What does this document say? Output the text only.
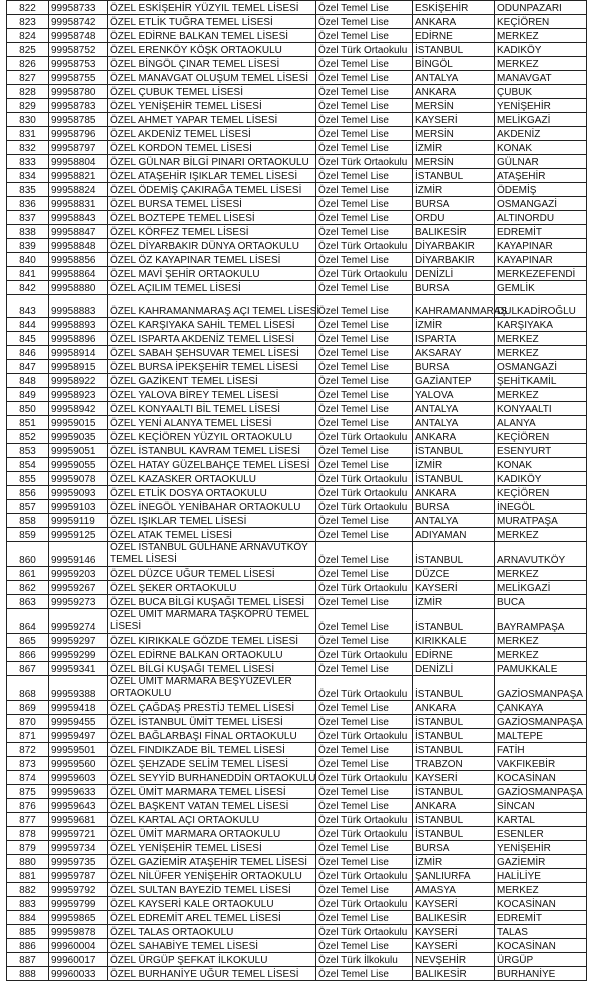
822	99958733	ÖZEL ESKİŞEHİR YÜZYIL TEMEL LİSESİ	Özel Temel Lise	ESKİŞEHİR	ODUNPAZARI
823	99958742	ÖZEL ETLİK TUĞRA TEMEL LİSESİ	Özel Temel Lise	ANKARA	KEÇİÖREN
824	99958748	ÖZEL EDİRNE BALKAN TEMEL LİSESİ	Özel Temel Lise	EDİRNE	MERKEZ
825	99958752	ÖZEL ERENKÖY KÖŞK ORTAOKULU	Özel Türk Ortaokulu	İSTANBUL	KADIKÖY
826	99958753	ÖZEL BİNGÖL ÇINAR TEMEL LİSESİ	Özel Temel Lise	BİNGÖL	MERKEZ
827	99958755	ÖZEL MANAVGAT OLUŞUM TEMEL LİSESİ	Özel Temel Lise	ANTALYA	MANAVGAT
828	99958780	ÖZEL ÇUBUK TEMEL LİSESİ	Özel Temel Lise	ANKARA	ÇUBUK
829	99958783	ÖZEL YENİŞEHİR TEMEL LİSESİ	Özel Temel Lise	MERSİN	YENİŞEHİR
830	99958785	ÖZEL AHMET YAPAR TEMEL LİSESİ	Özel Temel Lise	KAYSERİ	MELİKGAZİ
831	99958796	ÖZEL AKDENİZ TEMEL LİSESİ	Özel Temel Lise	MERSİN	AKDENİZ
832	99958797	ÖZEL KORDON TEMEL LİSESİ	Özel Temel Lise	İZMİR	KONAK
833	99958804	ÖZEL GÜLNAR BİLGİ PINARI ORTAOKULU	Özel Türk Ortaokulu	MERSİN	GÜLNAR
834	99958821	ÖZEL ATAŞEHİR IŞIKLAR TEMEL LİSESİ	Özel Temel Lise	İSTANBUL	ATAŞEHİR
835	99958824	ÖZEL ÖDEMİŞ ÇAKIRAĞA TEMEL LİSESİ	Özel Temel Lise	İZMİR	ÖDEMİŞ
836	99958831	ÖZEL BURSA TEMEL LİSESİ	Özel Temel Lise	BURSA	OSMANGAZİ
837	99958843	ÖZEL BOZTEPE TEMEL LİSESİ	Özel Temel Lise	ORDU	ALTINORDU
838	99958847	ÖZEL KÖRFEZ TEMEL LİSESİ	Özel Temel Lise	BALIKESİR	EDREMİT
839	99958848	ÖZEL DİYARBAKIR DÜNYA ORTAOKULU	Özel Türk Ortaokulu	DİYARBAKIR	KAYAPINAR
840	99958856	ÖZEL ÖZ KAYAPINAR TEMEL LİSESİ	Özel Temel Lise	DİYARBAKIR	KAYAPINAR
841	99958864	ÖZEL MAVİ ŞEHİR ORTAOKULU	Özel Türk Ortaokulu	DENİZLİ	MERKEZEFENDİ
842	99958880	ÖZEL AÇILIM TEMEL LİSESİ	Özel Temel Lise	BURSA	GEMLİK
843	99958883	ÖZEL KAHRAMANMARAŞ AÇI TEMEL LİSESİ	Özel Temel Lise	KAHRAMANMARAŞ	DULKADİROĞLU
844	99958893	ÖZEL KARŞIYAKA SAHİL TEMEL LİSESİ	Özel Temel Lise	İZMİR	KARŞIYAKA
845	99958896	ÖZEL ISPARTA AKDENİZ TEMEL LİSESİ	Özel Temel Lise	ISPARTA	MERKEZ
846	99958914	ÖZEL SABAH ŞEHSUVAR TEMEL LİSESİ	Özel Temel Lise	AKSARAY	MERKEZ
847	99958915	ÖZEL BURSA İPEKŞEHİR TEMEL LİSESİ	Özel Temel Lise	BURSA	OSMANGAZİ
848	99958922	ÖZEL GAZİKENT TEMEL LİSESİ	Özel Temel Lise	GAZİANTEP	ŞEHİTKAMİL
849	99958923	ÖZEL YALOVA BİREY TEMEL LİSESİ	Özel Temel Lise	YALOVA	MERKEZ
850	99958942	ÖZEL KONYAALTI BİL TEMEL LİSESİ	Özel Temel Lise	ANTALYA	KONYAALTI
851	99959015	ÖZEL YENİ ALANYA TEMEL LİSESİ	Özel Temel Lise	ANTALYA	ALANYA
852	99959035	ÖZEL KEÇİÖREN YÜZYIL ORTAOKULU	Özel Türk Ortaokulu	ANKARA	KEÇİÖREN
853	99959051	ÖZEL İSTANBUL KAVRAM TEMEL LİSESİ	Özel Temel Lise	İSTANBUL	ESENYURT
854	99959055	ÖZEL HATAY GÜZELBAHÇE TEMEL LİSESİ	Özel Temel Lise	İZMİR	KONAK
855	99959078	ÖZEL KAZASKER ORTAOKULU	Özel Türk Ortaokulu	İSTANBUL	KADIKÖY
856	99959093	ÖZEL ETLİK DOSYA ORTAOKULU	Özel Türk Ortaokulu	ANKARA	KEÇİÖREN
857	99959103	ÖZEL İNEGÖL YENİBAHAR ORTAOKULU	Özel Türk Ortaokulu	BURSA	İNEGÖL
858	99959119	ÖZEL IŞIKLAR TEMEL LİSESİ	Özel Temel Lise	ANTALYA	MURATPAŞA
859	99959125	ÖZEL ATAK TEMEL LİSESİ	Özel Temel Lise	ADIYAMAN	MERKEZ
860	99959146	ÖZEL İSTANBUL GÜLHANE ARNAVUTKÖY TEMEL LİSESİ	Özel Temel Lise	İSTANBUL	ARNAVUTKÖY
861	99959203	ÖZEL DÜZCE UĞUR TEMEL LİSESİ	Özel Temel Lise	DÜZCE	MERKEZ
862	99959267	ÖZEL ŞEKER ORTAOKULU	Özel Türk Ortaokulu	KAYSERİ	MELİKGAZİ
863	99959273	ÖZEL BUCA BİLGİ KUŞAĞI TEMEL LİSESİ	Özel Temel Lise	İZMİR	BUCA
864	99959274	ÖZEL ÜMİT MARMARA TAŞKÖPRÜ TEMEL LİSESİ	Özel Temel Lise	İSTANBUL	BAYRAMPAŞA
865	99959297	ÖZEL KIRIKKALE GÖZDE TEMEL LİSESİ	Özel Temel Lise	KIRIKKALE	MERKEZ
866	99959299	ÖZEL EDİRNE BALKAN ORTAOKULU	Özel Türk Ortaokulu	EDİRNE	MERKEZ
867	99959341	ÖZEL BİLGİ KUŞAĞI TEMEL LİSESİ	Özel Temel Lise	DENİZLİ	PAMUKKALE
868	99959388	ÖZEL ÜMİT MARMARA BEŞYÜZEVLER ORTAOKULU	Özel Türk Ortaokulu	İSTANBUL	GAZİOSMANPAŞA
869	99959418	ÖZEL ÇAĞDAŞ PRESTİJ TEMEL LİSESİ	Özel Temel Lise	ANKARA	ÇANKAYA
870	99959455	ÖZEL İSTANBUL ÜMİT TEMEL LİSESİ	Özel Temel Lise	İSTANBUL	GAZİOSMANPAŞA
871	99959497	ÖZEL BAĞLARBAŞI FİNAL ORTAOKULU	Özel Türk Ortaokulu	İSTANBUL	MALTEPE
872	99959501	ÖZEL FINDIKZADE BİL TEMEL LİSESİ	Özel Temel Lise	İSTANBUL	FATİH
873	99959560	ÖZEL ŞEHZADE SELİM TEMEL LİSESİ	Özel Temel Lise	TRABZON	VAKFIKEBİR
874	99959603	ÖZEL SEYYİD BURHANEDDİN ORTAOKULU	Özel Türk Ortaokulu	KAYSERİ	KOCASİNAN
875	99959633	ÖZEL ÜMİT MARMARA TEMEL LİSESİ	Özel Temel Lise	İSTANBUL	GAZİOSMANPAŞA
876	99959643	ÖZEL BAŞKENT VATAN TEMEL LİSESİ	Özel Temel Lise	ANKARA	SİNCAN
877	99959681	ÖZEL KARTAL AÇI ORTAOKULU	Özel Türk Ortaokulu	İSTANBUL	KARTAL
878	99959721	ÖZEL ÜMİT MARMARA ORTAOKULU	Özel Türk Ortaokulu	İSTANBUL	ESENLER
879	99959734	ÖZEL YENİŞEHİR TEMEL LİSESİ	Özel Temel Lise	BURSA	YENİŞEHİR
880	99959735	ÖZEL GAZİEMİR ATAŞEHİR TEMEL LİSESİ	Özel Temel Lise	İZMİR	GAZİEMİR
881	99959787	ÖZEL NİLÜFER YENİŞEHİR ORTAOKULU	Özel Türk Ortaokulu	ŞANLIURFA	HALİLİYE
882	99959792	ÖZEL SULTAN BAYEZİD TEMEL LİSESİ	Özel Temel Lise	AMASYA	MERKEZ
883	99959799	ÖZEL KAYSERİ KALE ORTAOKULU	Özel Türk Ortaokulu	KAYSERİ	KOCASİNAN
884	99959865	ÖZEL EDREMİT AREL TEMEL LİSESİ	Özel Temel Lise	BALIKESİR	EDREMİT
885	99959878	ÖZEL TALAS ORTAOKULU	Özel Türk Ortaokulu	KAYSERİ	TALAS
886	99960004	ÖZEL SAHABİYE TEMEL LİSESİ	Özel Temel Lise	KAYSERİ	KOCASİNAN
887	99960017	ÖZEL ÜRGÜP ŞEFKAT İLKOKULU	Özel Türk İlkokulu	NEVŞEHİR	ÜRGÜP
888	99960033	ÖZEL BURHANİYE UĞUR TEMEL LİSESİ	Özel Temel Lise	BALIKESİR	BURHANİYE
